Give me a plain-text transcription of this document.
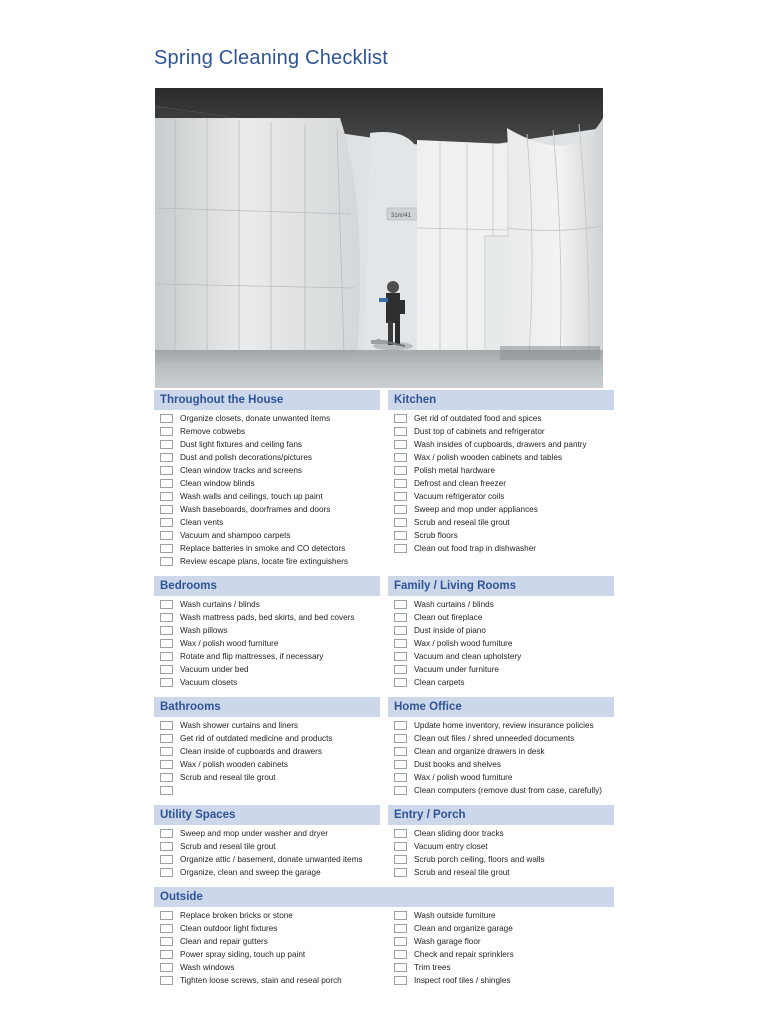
Spring Cleaning Checklist
31m/41
Throughout the House
Organize closets, donate unwanted items
Remove cobwebs
Dust light fixtures and ceiling fans
Dust and polish decorations/pictures
Clean window tracks and screens
Clean window blinds
Wash walls and ceilings, touch up paint
Wash baseboards, doorframes and doors
Clean vents
Vacuum and shampoo carpets
Replace batteries in smoke and CO detectors
Review escape plans, locate fire extinguishers
Kitchen
Get rid of outdated food and spices
Dust top of cabinets and refrigerator
Wash insides of cupboards, drawers and pantry
Wax / polish wooden cabinets and tables
Polish metal hardware
Defrost and clean freezer
Vacuum refrigerator coils
Sweep and mop under appliances
Scrub and reseal tile grout
Scrub floors
Clean out food trap in dishwasher
Bedrooms
Wash curtains / blinds
Wash mattress pads, bed skirts, and bed covers
Wash pillows
Wax / polish wood furniture
Rotate and flip mattresses, if necessary
Vacuum under bed
Vacuum closets
Family / Living Rooms
Wash curtains / blinds
Clean out fireplace
Dust inside of piano
Wax / polish wood furniture
Vacuum and clean upholstery
Vacuum under furniture
Clean carpets
Bathrooms
Wash shower curtains and liners
Get rid of outdated medicine and products
Clean inside of cupboards and drawers
Wax / polish wooden cabinets
Scrub and reseal tile grout
Home Office
Update home inventory, review insurance policies
Clean out files / shred unneeded documents
Clean and organize drawers in desk
Dust books and shelves
Wax / polish wood furniture
Clean computers (remove dust from case, carefully)
Utility Spaces
Sweep and mop under washer and dryer
Scrub and reseal tile grout
Organize attic / basement, donate unwanted items
Organize, clean and sweep the garage
Entry / Porch
Clean sliding door tracks
Vacuum entry closet
Scrub porch ceiling, floors and walls
Scrub and reseal tile grout
Outside
Replace broken bricks or stone
Clean outdoor light fixtures
Clean and repair gutters
Power spray siding, touch up paint
Wash windows
Tighten loose screws, stain and reseal porch
Wash outside furniture
Clean and organize garage
Wash garage floor
Check and repair sprinklers
Trim trees
Inspect roof tiles / shingles
